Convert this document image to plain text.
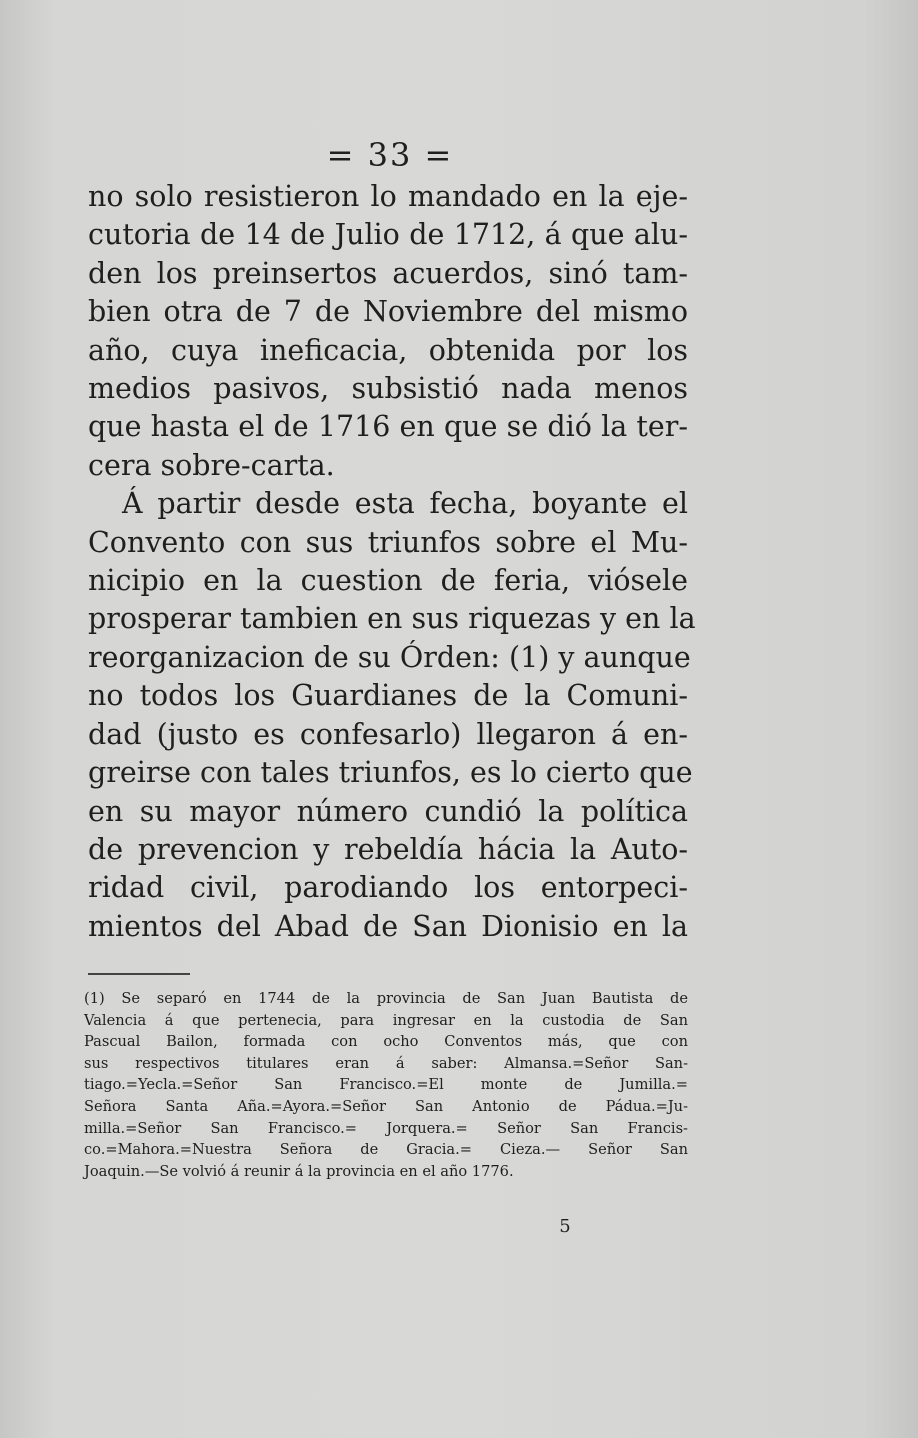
= 33 =
no solo resistieron lo mandado en la eje-
cutoria de 14 de Julio de 1712, á que alu-
den los preinsertos acuerdos, sinó tam-
bien otra de 7 de Noviembre del mismo
año, cuya ineficacia, obtenida por los
medios pasivos, subsistió nada menos
que hasta el de 1716 en que se dió la ter-
cera sobre-carta.
Á partir desde esta fecha, boyante el
Convento con sus triunfos sobre el Mu-
nicipio en la cuestion de feria, viósele
prosperar tambien en sus riquezas y en la
reorganizacion de su Órden: (1) y aunque
no todos los Guardianes de la Comuni-
dad (justo es confesarlo) llegaron á en-
greirse con tales triunfos, es lo cierto que
en su mayor número cundió la política
de prevencion y rebeldía hácia la Auto-
ridad civil, parodiando los entorpeci-
mientos del Abad de San Dionisio en la
(1) Se separó en 1744 de la provincia de San Juan Bautista de
Valencia á que pertenecia, para ingresar en la custodia de San
Pascual Bailon, formada con ocho Conventos más, que con
sus respectivos titulares eran á saber: Almansa.=Señor San-
tiago.=Yecla.=Señor San Francisco.=El monte de Jumilla.=
Señora Santa Aña.=Ayora.=Señor San Antonio de Pádua.=Ju-
milla.=Señor San Francisco.= Jorquera.= Señor San Francis-
co.=Mahora.=Nuestra Señora de Gracia.= Cieza.— Señor San
Joaquin.—Se volvió á reunir á la provincia en el año 1776.
5
